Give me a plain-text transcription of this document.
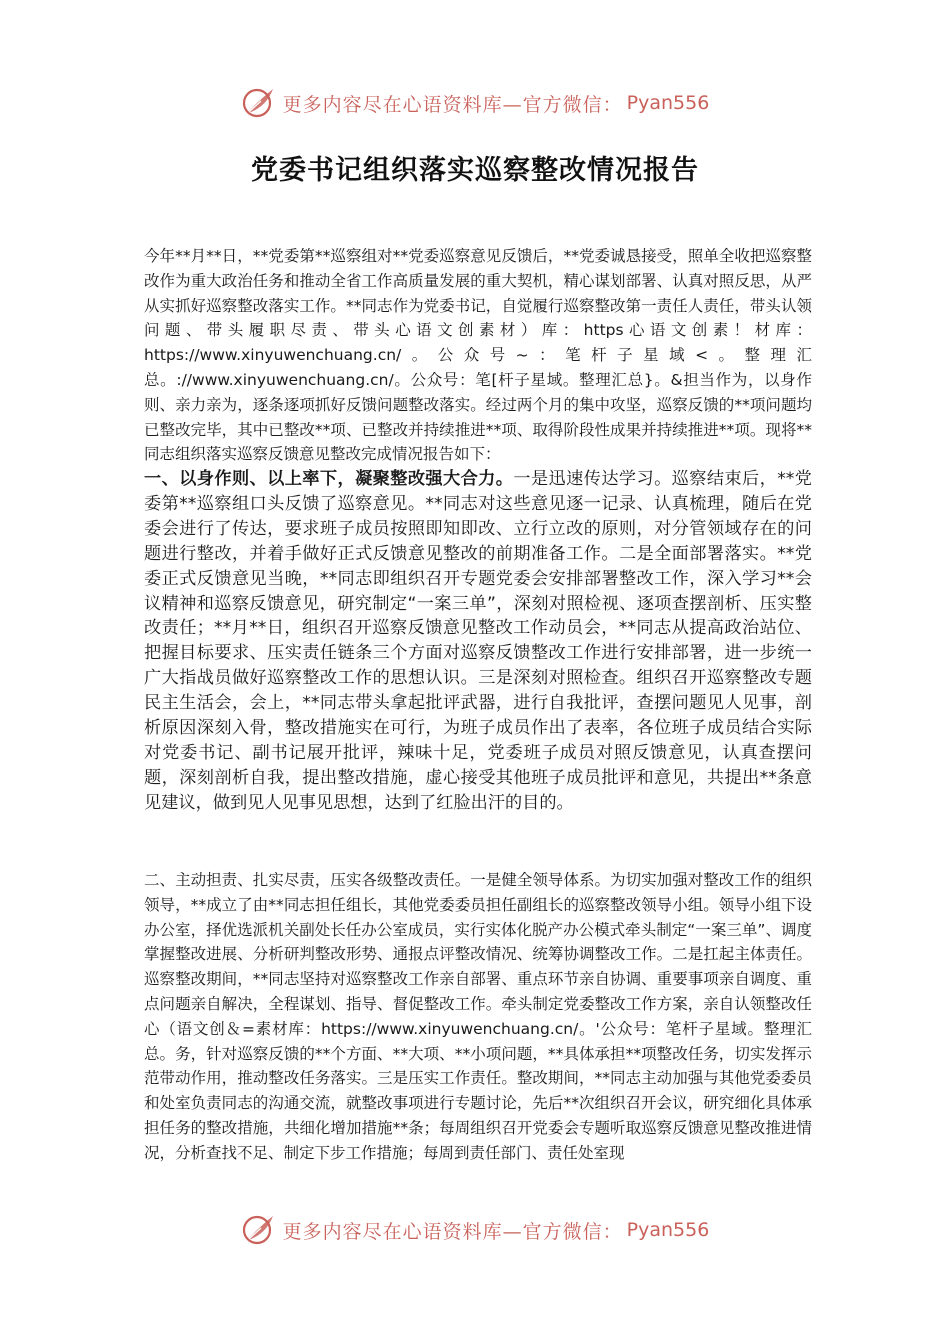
更多内容尽在心语资料库—官方微信： Pyan556
党委书记组织落实巡察整改情况报告

今年**月**日，**党委第**巡察组对**党委巡察意见反馈后，**党委诚恳接受，照单全收把巡察整改作为重大政治任务和推动全省工作高质量发展的重大契机，精心谋划部署、认真对照反思，从严从实抓好巡察整改落实工作。**同志作为党委书记，自觉履行巡察整改第一责任人责任，带头认领问题、带头履职尽责、带头心语文创素材）库：https心语文创素！材库：https://www.xinyuwenchuang.cn/。公众号~：笔杆子星域<。整理汇总。://www.xinyuwenchuang.cn/。公众号：笔[杆子星域。整理汇总}。&担当作为，以身作则、亲力亲为，逐条逐项抓好反馈问题整改落实。经过两个月的集中攻坚，巡察反馈的**项问题均已整改完毕，其中已整改**项、已整改并持续推进**项、取得阶段性成果并持续推进**项。现将**同志组织落实巡察反馈意见整改完成情况报告如下：

一、以身作则、以上率下，凝聚整改强大合力。一是迅速传达学习。巡察结束后，**党委第**巡察组口头反馈了巡察意见。**同志对这些意见逐一记录、认真梳理，随后在党委会进行了传达，要求班子成员按照即知即改、立行立改的原则，对分管领域存在的问题进行整改，并着手做好正式反馈意见整改的前期准备工作。二是全面部署落实。**党委正式反馈意见当晚，**同志即组织召开专题党委会安排部署整改工作，深入学习**会议精神和巡察反馈意见，研究制定“一案三单”，深刻对照检视、逐项查摆剖析、压实整改责任；**月**日，组织召开巡察反馈意见整改工作动员会，**同志从提高政治站位、把握目标要求、压实责任链条三个方面对巡察反馈整改工作进行安排部署，进一步统一广大指战员做好巡察整改工作的思想认识。三是深刻对照检查。组织召开巡察整改专题民主生活会，会上，**同志带头拿起批评武器，进行自我批评，查摆问题见人见事，剖析原因深刻入骨，整改措施实在可行，为班子成员作出了表率，各位班子成员结合实际对党委书记、副书记展开批评，辣味十足，党委班子成员对照反馈意见，认真查摆问题，深刻剖析自我，提出整改措施，虚心接受其他班子成员批评和意见，共提出**条意见建议，做到见人见事见思想，达到了红脸出汗的目的。

二、主动担责、扎实尽责，压实各级整改责任。一是健全领导体系。为切实加强对整改工作的组织领导，**成立了由**同志担任组长，其他党委委员担任副组长的巡察整改领导小组。领导小组下设办公室，择优选派机关副处长任办公室成员，实行实体化脱产办公模式牵头制定“一案三单”、调度掌握整改进展、分析研判整改形势、通报点评整改情况、统筹协调整改工作。二是扛起主体责任。巡察整改期间，**同志坚持对巡察整改工作亲自部署、重点环节亲自协调、重要事项亲自调度、重点问题亲自解决，全程谋划、指导、督促整改工作。牵头制定党委整改工作方案，亲自认领整改任心（语文创＆=素材库：https://www.xinyuwenchuang.cn/。'公众号：笔杆子星域。整理汇总。务，针对巡察反馈的**个方面、**大项、**小项问题，**具体承担**项整改任务，切实发挥示范带动作用，推动整改任务落实。三是压实工作责任。整改期间，**同志主动加强与其他党委委员和处室负责同志的沟通交流，就整改事项进行专题讨论，先后**次组织召开会议，研究细化具体承担任务的整改措施，共细化增加措施**条；每周组织召开党委会专题听取巡察反馈意见整改推进情况，分析查找不足、制定下步工作措施；每周到责任部门、责任处室现

更多内容尽在心语资料库—官方微信： Pyan556
